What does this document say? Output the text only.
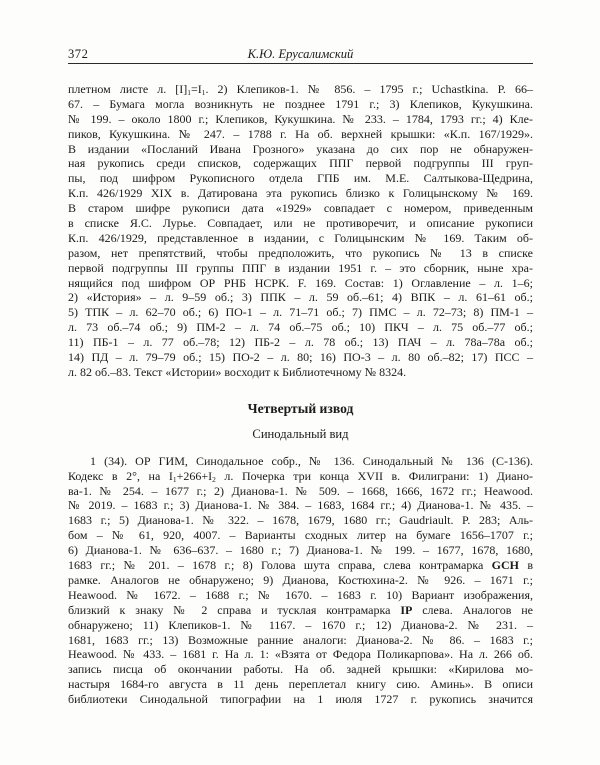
372	К.Ю. Ерусалимский
плетном листе л. $[I]_1=I_1$. 2) Клепиков-1. № 856. – 1795 г.; Uchastkina. P. 66–
67. – Бумага могла возникнуть не позднее 1791 г.; 3) Клепиков, Кукушкина.
№ 199. – около 1800 г.; Клепиков, Кукушкина. № 233. – 1784, 1793 гг.; 4) Кле-
пиков, Кукушкина. № 247. – 1788 г. На об. верхней крышки: «К.п. 167/1929».
В издании «Посланий Ивана Грозного» указана до сих пор не обнаружен-
ная рукопись среди списков, содержащих ППГ первой подгруппы III груп-
пы, под шифром Рукописного отдела ГПБ им. М.Е. Салтыкова-Щедрина,
К.п. 426/1929 XIX в. Датирована эта рукопись близко к Голицынскому № 169.
В старом шифре рукописи дата «1929» совпадает с номером, приведенным
в списке Я.С. Лурье. Совпадает, или не противоречит, и описание рукописи
К.п. 426/1929, представленное в издании, с Голицынским № 169. Таким об-
разом, нет препятствий, чтобы предположить, что рукопись № 13 в списке
первой подгруппы III группы ППГ в издании 1951 г. – это сборник, ныне хра-
нящийся под шифром ОР РНБ НСРК. F. 169. Состав: 1) Оглавление – л. 1–6;
2) «История» – л. 9–59 об.; 3) ППК – л. 59 об.–61; 4) ВПК – л. 61–61 об.;
5) ТПК – л. 62–70 об.; 6) ПО-1 – л. 71–71 об.; 7) ПМС – л. 72–73; 8) ПМ-1 –
л. 73 об.–74 об.; 9) ПМ-2 – л. 74 об.–75 об.; 10) ПКЧ – л. 75 об.–77 об.;
11) ПБ-1 – л. 77 об.–78; 12) ПБ-2 – л. 78 об.; 13) ПАЧ – л. 78а–78а об.;
14) ПД – л. 79–79 об.; 15) ПО-2 – л. 80; 16) ПО-3 – л. 80 об.–82; 17) ПСС –
л. 82 об.–83. Текст «Истории» восходит к Библиотечному № 8324.
Четвертый извод
Синодальный вид
1 (34). ОР ГИМ, Синодальное собр., № 136. Синодальный № 136 (С-136).
Кодекс в 2°, на $I_1+266+I_2$ л. Почерка три конца XVII в. Филиграни: 1) Диано-
ва-1. № 254. – 1677 г.; 2) Дианова-1. № 509. – 1668, 1666, 1672 гг.; Heawood.
№ 2019. – 1683 г.; 3) Дианова-1. № 384. – 1683, 1684 гг.; 4) Дианова-1. № 435. –
1683 г.; 5) Дианова-1. № 322. – 1678, 1679, 1680 гг.; Gaudriault. P. 283; Аль-
бом – № 61, 920, 4007. – Варианты сходных литер на бумаге 1656–1707 г.;
6) Дианова-1. № 636–637. – 1680 г.; 7) Дианова-1. № 199. – 1677, 1678, 1680,
1683 гг.; № 201. – 1678 г.; 8) Голова шута справа, слева контрамарка GCH в
рамке. Аналогов не обнаружено; 9) Дианова, Костюхина-2. № 926. – 1671 г.;
Heawood. № 1672. – 1688 г.; № 1670. – 1683 г. 10) Вариант изображения,
близкий к знаку № 2 справа и тусклая контрамарка IP слева. Аналогов не
обнаружено; 11) Клепиков-1. № 1167. – 1670 г.; 12) Дианова-2. № 231. –
1681, 1683 гг.; 13) Возможные ранние аналоги: Дианова-2. № 86. – 1683 г.;
Heawood. № 433. – 1681 г. На л. 1: «Взята от Федора Поликарпова». На л. 266 об.
запись писца об окончании работы. На об. задней крышки: «Кирилова мо-
настыря 1684-го августа в 11 день переплетал книгу сию. Аминь». В описи
библиотеки Синодальной типографии на 1 июля 1727 г. рукопись значится
